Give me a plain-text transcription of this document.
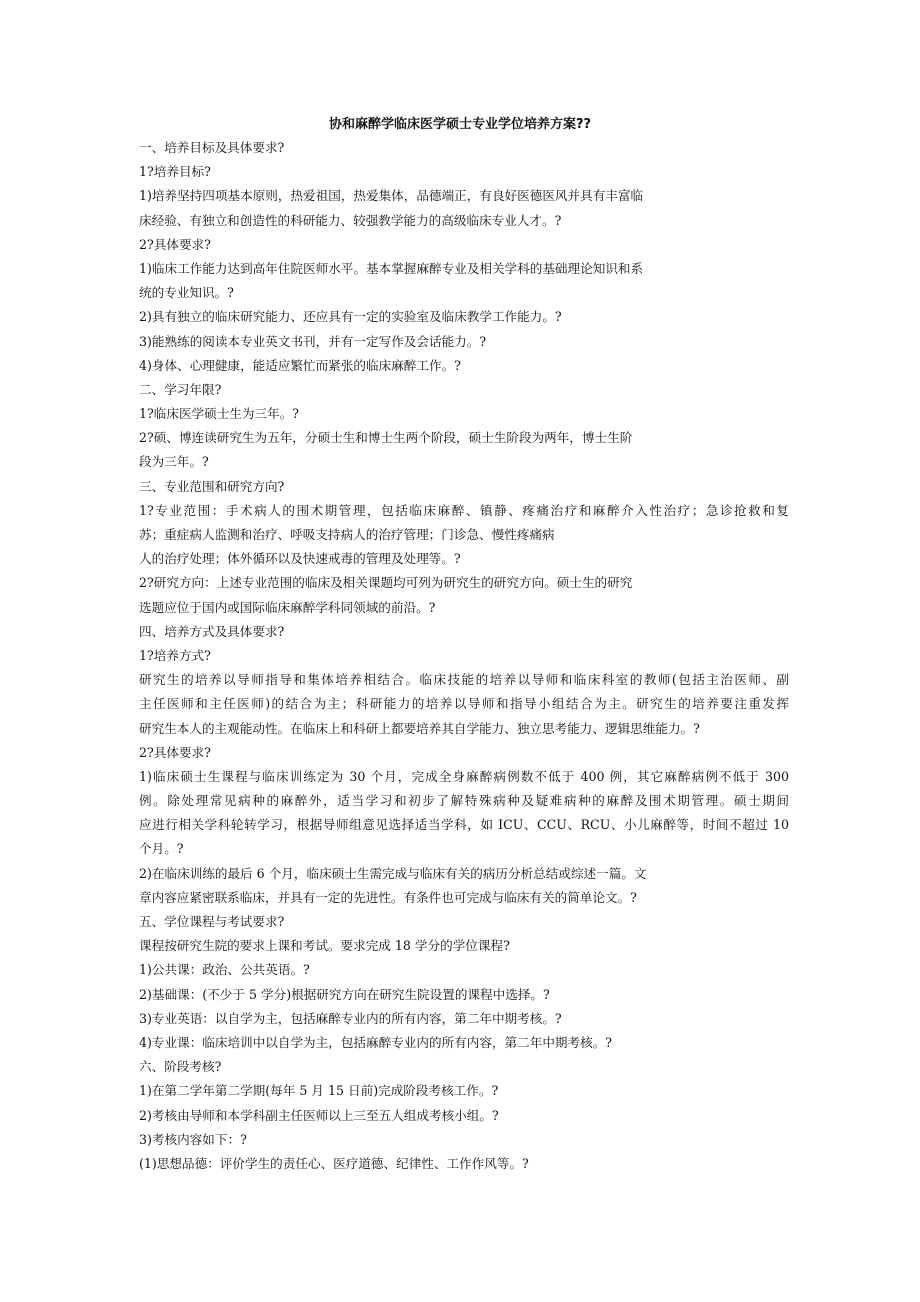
协和麻醉学临床医学硕士专业学位培养方案??
一、培养目标及具体要求?
1?培养目标?
1)培养坚持四项基本原则，热爱祖国，热爱集体，品德端正，有良好医德医风并具有丰富临
床经验、有独立和创造性的科研能力、较强教学能力的高级临床专业人才。?
2?具体要求?
1)临床工作能力达到高年住院医师水平。基本掌握麻醉专业及相关学科的基础理论知识和系
统的专业知识。?
2)具有独立的临床研究能力、还应具有一定的实验室及临床教学工作能力。?
3)能熟练的阅读本专业英文书刊，并有一定写作及会话能力。?
4)身体、心理健康，能适应繁忙而紧张的临床麻醉工作。?
二、学习年限?
1?临床医学硕士生为三年。?
2?硕、博连读研究生为五年，分硕士生和博士生两个阶段，硕士生阶段为两年，博士生阶
段为三年。?
三、专业范围和研究方向?
1?专业范围：手术病人的围术期管理，包括临床麻醉、镇静、疼痛治疗和麻醉介入性治疗；急诊抢救和复
苏；重症病人监测和治疗、呼吸支持病人的治疗管理；门诊急、慢性疼痛病
人的治疗处理；体外循环以及快速戒毒的管理及处理等。?
2?研究方向：上述专业范围的临床及相关课题均可列为研究生的研究方向。硕士生的研究
选题应位于国内或国际临床麻醉学科同领域的前沿。?
四、培养方式及具体要求?
1?培养方式?
研究生的培养以导师指导和集体培养相结合。临床技能的培养以导师和临床科室的教师(包括主治医师、副
主任医师和主任医师)的结合为主；科研能力的培养以导师和指导小组结合为主。研究生的培养要注重发挥
研究生本人的主观能动性。在临床上和科研上都要培养其自学能力、独立思考能力、逻辑思维能力。?
2?具体要求?
1)临床硕士生课程与临床训练定为 30 个月，完成全身麻醉病例数不低于 400 例，其它麻醉病例不低于 300
例。除处理常见病种的麻醉外，适当学习和初步了解特殊病种及疑难病种的麻醉及围术期管理。硕士期间
应进行相关学科轮转学习，根据导师组意见选择适当学科，如 ICU、CCU、RCU、小儿麻醉等，时间不超过 10
个月。?
2)在临床训练的最后 6 个月，临床硕士生需完成与临床有关的病历分析总结或综述一篇。文
章内容应紧密联系临床，并具有一定的先进性。有条件也可完成与临床有关的简单论文。?
五、学位课程与考试要求?
课程按研究生院的要求上课和考试。要求完成 18 学分的学位课程?
1)公共课：政治、公共英语。?
2)基础课：(不少于 5 学分)根据研究方向在研究生院设置的课程中选择。?
3)专业英语：以自学为主，包括麻醉专业内的所有内容，第二年中期考核。?
4)专业课：临床培训中以自学为主，包括麻醉专业内的所有内容，第二年中期考核。?
六、阶段考核?
1)在第二学年第二学期(每年 5 月 15 日前)完成阶段考核工作。?
2)考核由导师和本学科副主任医师以上三至五人组成考核小组。?
3)考核内容如下：?
(1)思想品德：评价学生的责任心、医疗道德、纪律性、工作作风等。?
